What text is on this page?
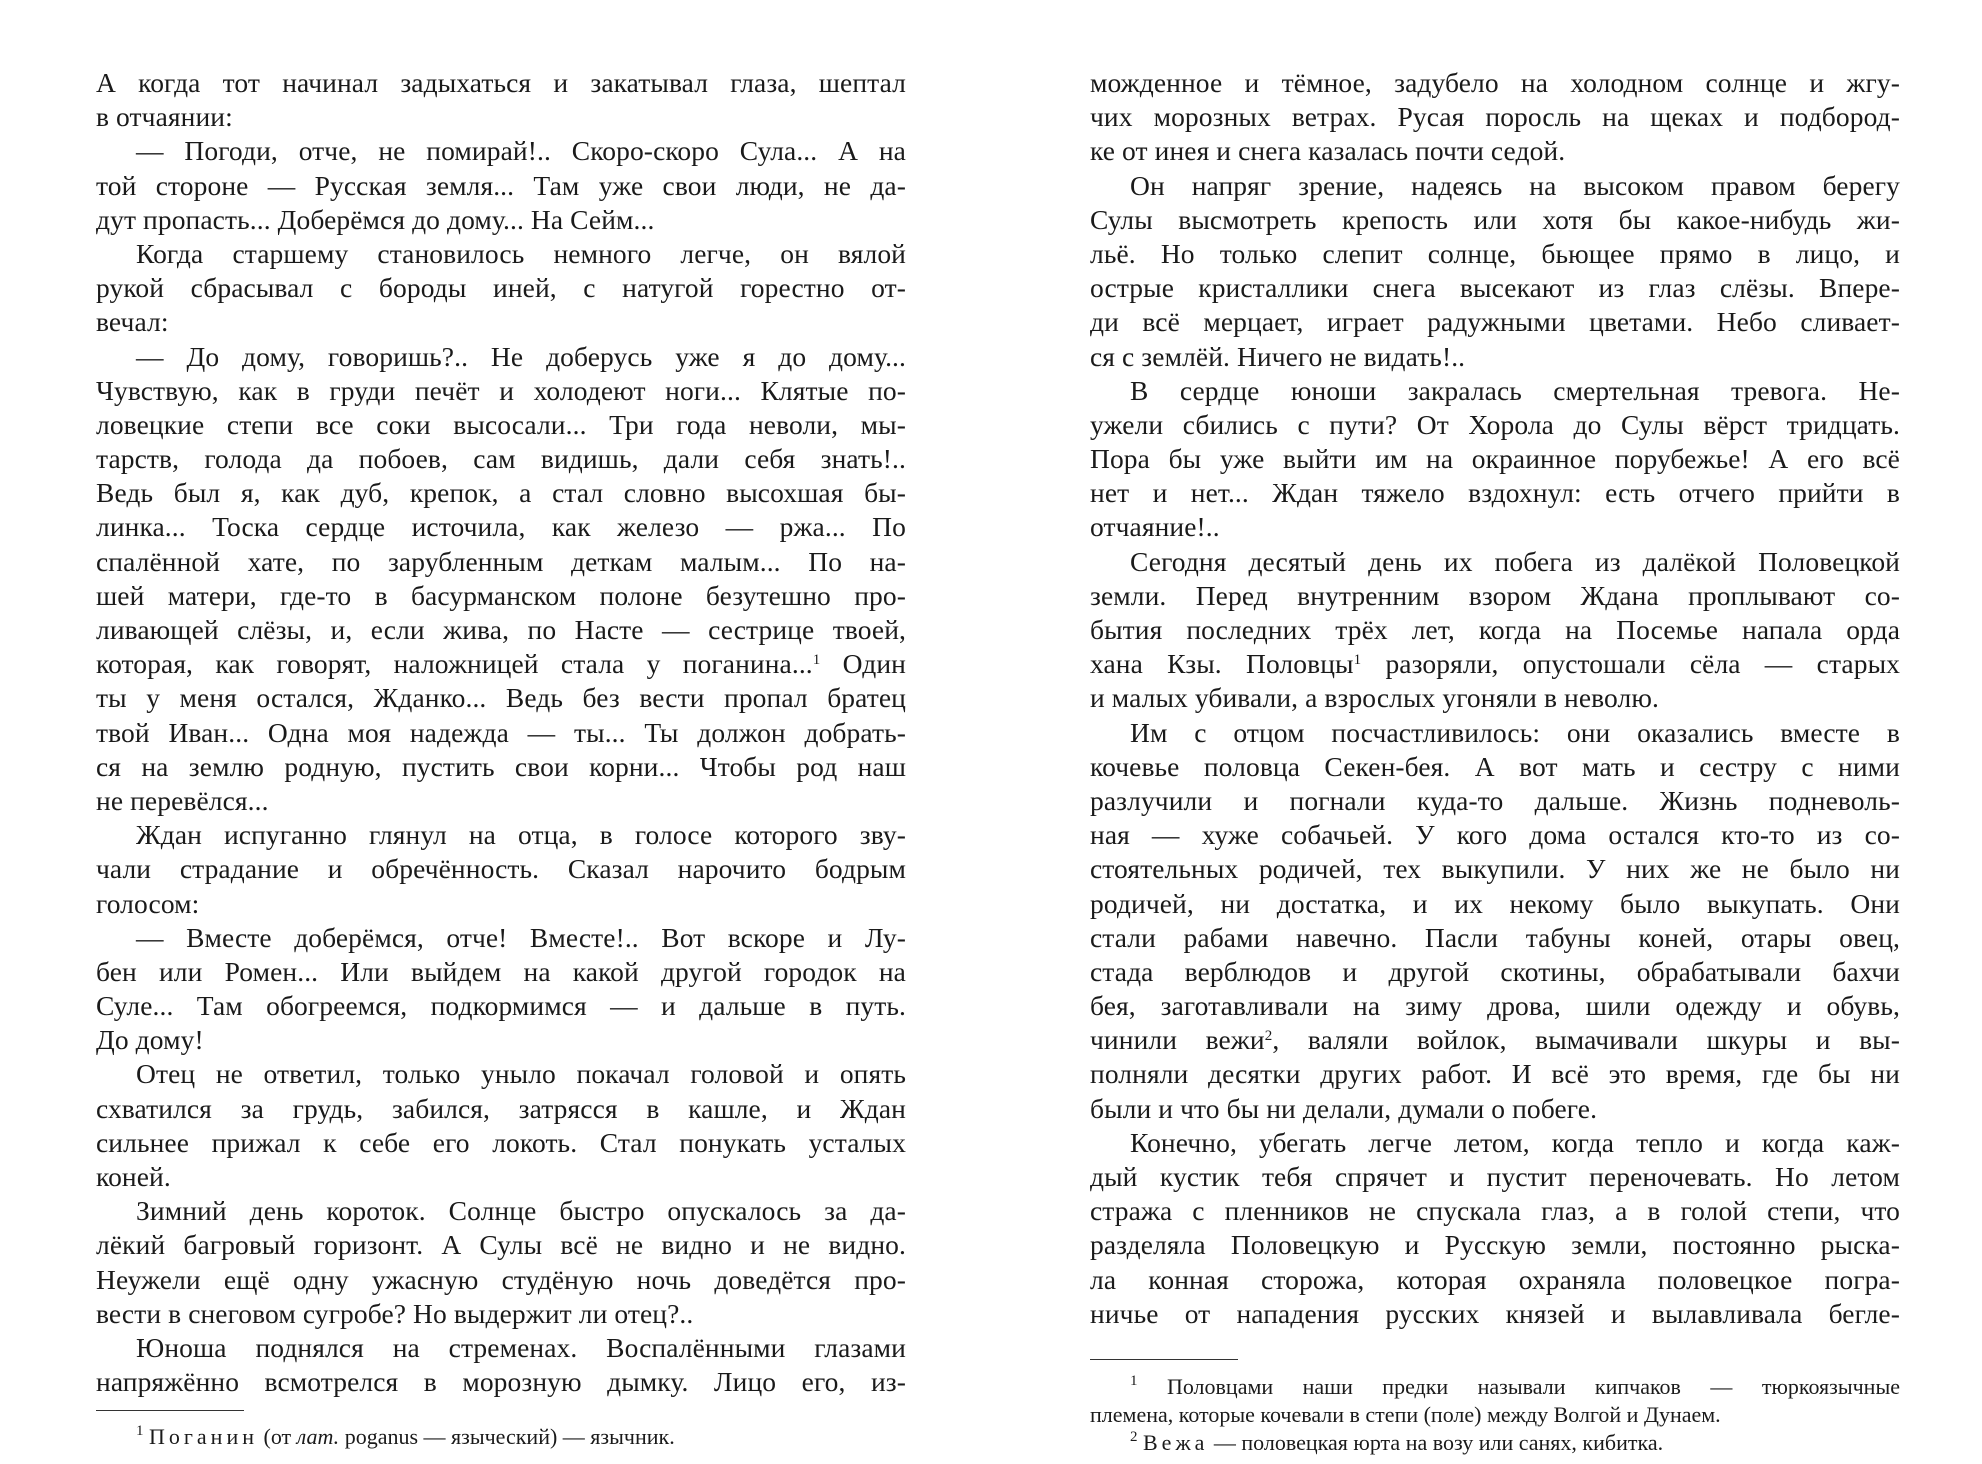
А когда тот начинал задыхаться и закатывал глаза, шептал
в отчаянии:
— Погоди, отче, не помирай!.. Скоро-скоро Сула... А на
той стороне — Русская земля... Там уже свои люди, не да-
дут пропасть... Доберёмся до дому... На Сейм...
Когда старшему становилось немного легче, он вялой
рукой сбрасывал с бороды иней, с натугой горестно от-
вечал:
— До дому, говоришь?.. Не доберусь уже я до дому...
Чувствую, как в груди печёт и холодеют ноги... Клятые по-
ловецкие степи все соки высосали... Три года неволи, мы-
тарств, голода да побоев, сам видишь, дали себя знать!..
Ведь был я, как дуб, крепок, а стал словно высохшая бы-
линка... Тоска сердце источила, как железо — ржа... По
спалённой хате, по зарубленным деткам малым... По на-
шей матери, где-то в басурманском полоне безутешно про-
ливающей слёзы, и, если жива, по Насте — сестрице твоей,
которая, как говорят, наложницей стала у поганина...$^1$ Один
ты у меня остался, Жданко... Ведь без вести пропал братец
твой Иван... Одна моя надежда — ты... Ты должон добрать-
ся на землю родную, пустить свои корни... Чтобы род наш
не перевёлся...
Ждан испуганно глянул на отца, в голосе которого зву-
чали страдание и обречённость. Сказал нарочито бодрым
голосом:
— Вместе доберёмся, отче! Вместе!.. Вот вскоре и Лу-
бен или Ромен... Или выйдем на какой другой городок на
Суле... Там обогреемся, подкормимся — и дальше в путь.
До дому!
Отец не ответил, только уныло покачал головой и опять
схватился за грудь, забился, затрясся в кашле, и Ждан
сильнее прижал к себе его локоть. Стал понукать усталых
коней.
Зимний день короток. Солнце быстро опускалось за да-
лёкий багровый горизонт. А Сулы всё не видно и не видно.
Неужели ещё одну ужасную студёную ночь доведётся про-
вести в снеговом сугробе? Но выдержит ли отец?..
Юноша поднялся на стременах. Воспалёнными глазами
напряжённо всмотрелся в морозную дымку. Лицо его, из-
$^1$ Поганин (от лат. poganus — языческий) — язычник.
можденное и тёмное, задубело на холодном солнце и жгу-
чих морозных ветрах. Русая поросль на щеках и подбород-
ке от инея и снега казалась почти седой.
Он напряг зрение, надеясь на высоком правом берегу
Сулы высмотреть крепость или хотя бы какое-нибудь жи-
льё. Но только слепит солнце, бьющее прямо в лицо, и
острые кристаллики снега высекают из глаз слёзы. Впере-
ди всё мерцает, играет радужными цветами. Небо сливает-
ся с землёй. Ничего не видать!..
В сердце юноши закралась смертельная тревога. Не-
ужели сбились с пути? От Хорола до Сулы вёрст тридцать.
Пора бы уже выйти им на окраинное порубежье! А его всё
нет и нет... Ждан тяжело вздохнул: есть отчего прийти в
отчаяние!..
Сегодня десятый день их побега из далёкой Половецкой
земли. Перед внутренним взором Ждана проплывают со-
бытия последних трёх лет, когда на Посемье напала орда
хана Кзы. Половцы$^1$ разоряли, опустошали сёла — старых
и малых убивали, а взрослых угоняли в неволю.
Им с отцом посчастливилось: они оказались вместе в
кочевье половца Секен-бея. А вот мать и сестру с ними
разлучили и погнали куда-то дальше. Жизнь подневоль-
ная — хуже собачьей. У кого дома остался кто-то из со-
стоятельных родичей, тех выкупили. У них же не было ни
родичей, ни достатка, и их некому было выкупать. Они
стали рабами навечно. Пасли табуны коней, отары овец,
стада верблюдов и другой скотины, обрабатывали бахчи
бея, заготавливали на зиму дрова, шили одежду и обувь,
чинили вежи$^2$, валяли войлок, вымачивали шкуры и вы-
полняли десятки других работ. И всё это время, где бы ни
были и что бы ни делали, думали о побеге.
Конечно, убегать легче летом, когда тепло и когда каж-
дый кустик тебя спрячет и пустит переночевать. Но летом
стража с пленников не спускала глаз, а в голой степи, что
разделяла Половецкую и Русскую земли, постоянно рыска-
ла конная сторожа, которая охраняла половецкое погра-
ничье от нападения русских князей и вылавливала бегле-
$^1$ Половцами наши предки называли кипчаков — тюркоязычные
племена, которые кочевали в степи (поле) между Волгой и Дунаем.
$^2$ Вежа — половецкая юрта на возу или санях, кибитка.
